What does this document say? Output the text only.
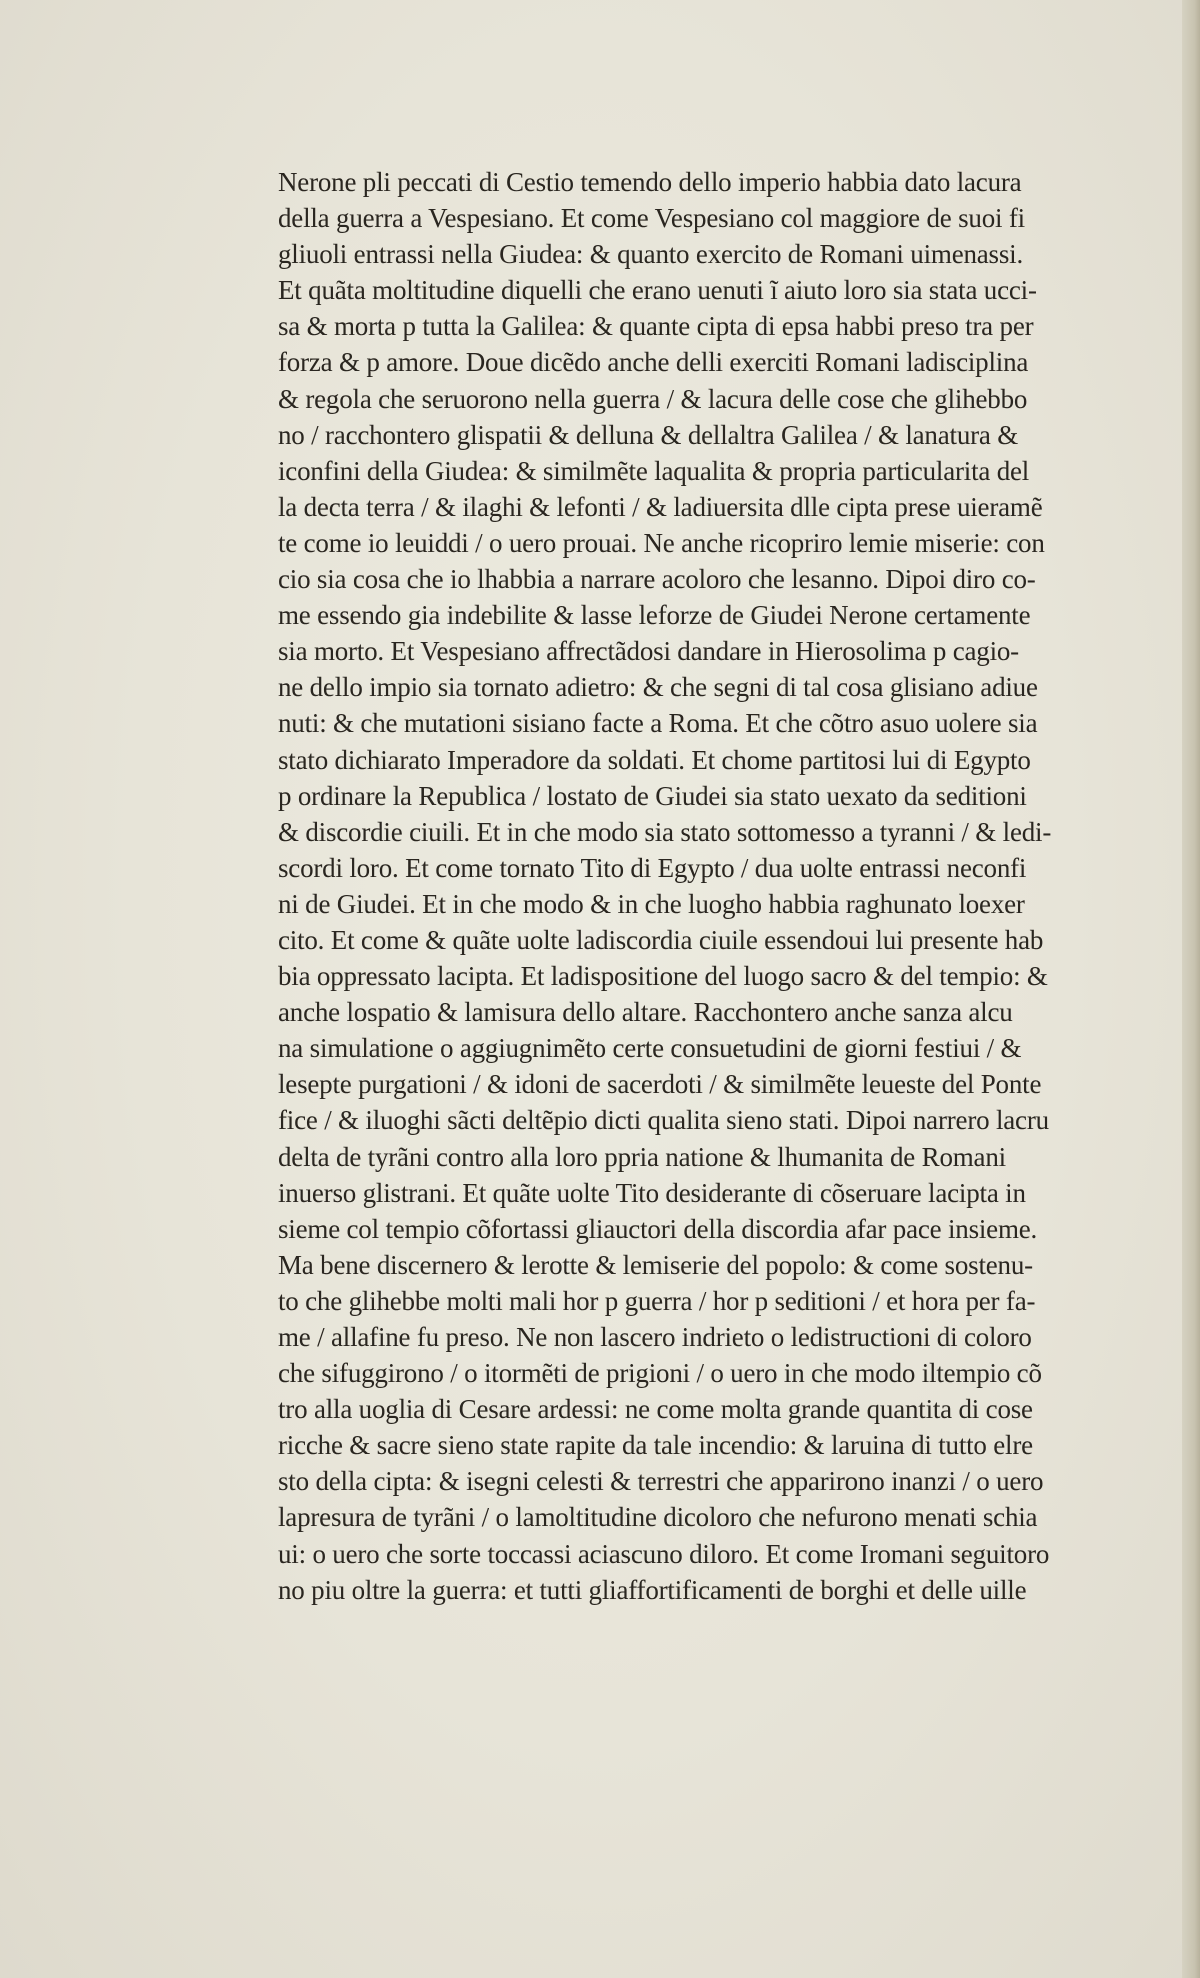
Nerone pli peccati di Cestio temendo dello imperio habbia dato lacura
della guerra a Vespesiano. Et come Vespesiano col maggiore de suoi fi
gliuoli entrassi nella Giudea: & quanto exercito de Romani uimenassi.
Et quãta moltitudine diquelli che erano uenuti ĩ aiuto loro sia stata ucci-
sa & morta p tutta la Galilea: & quante cipta di epsa habbi preso tra per
forza & p amore. Doue dicẽdo anche delli exerciti Romani ladisciplina
& regola che seruorono nella guerra / & lacura delle cose che glihebbo
no / racchontero glispatii & delluna & dellaltra Galilea / & lanatura &
iconfini della Giudea: & similmẽte laqualita & propria particularita del
la decta terra / & ilaghi & lefonti / & ladiuersita dlle cipta prese uieramẽ
te come io leuiddi / o uero prouai. Ne anche ricopriro lemie miserie: con
cio sia cosa che io lhabbia a narrare acoloro che lesanno. Dipoi diro co-
me essendo gia indebilite & lasse leforze de Giudei Nerone certamente
sia morto. Et Vespesiano affrectãdosi dandare in Hierosolima p cagio-
ne dello impio sia tornato adietro: & che segni di tal cosa glisiano adiue
nuti: & che mutationi sisiano facte a Roma. Et che cõtro asuo uolere sia
stato dichiarato Imperadore da soldati. Et chome partitosi lui di Egypto
p ordinare la Republica / lostato de Giudei sia stato uexato da seditioni
& discordie ciuili. Et in che modo sia stato sottomesso a tyranni / & ledi-
scordi loro. Et come tornato Tito di Egypto / dua uolte entrassi neconfi
ni de Giudei. Et in che modo & in che luogho habbia raghunato loexer
cito. Et come & quãte uolte ladiscordia ciuile essendoui lui presente hab
bia oppressato lacipta. Et ladispositione del luogo sacro & del tempio: &
anche lospatio & lamisura dello altare. Racchontero anche sanza alcu
na simulatione o aggiugnimẽto certe consuetudini de giorni festiui / &
lesepte purgationi / & idoni de sacerdoti / & similmẽte leueste del Ponte
fice / & iluoghi sãcti deltẽpio dicti qualita sieno stati. Dipoi narrero lacru
delta de tyrãni contro alla loro ppria natione & lhumanita de Romani
inuerso glistrani. Et quãte uolte Tito desiderante di cõseruare lacipta in
sieme col tempio cõfortassi gliauctori della discordia afar pace insieme.
Ma bene discernero & lerotte & lemiserie del popolo: & come sostenu-
to che glihebbe molti mali hor p guerra / hor p seditioni / et hora per fa-
me / allafine fu preso. Ne non lascero indrieto o ledistructioni di coloro
che sifuggirono / o itormẽti de prigioni / o uero in che modo iltempio cõ
tro alla uoglia di Cesare ardessi: ne come molta grande quantita di cose
ricche & sacre sieno state rapite da tale incendio: & laruina di tutto elre
sto della cipta: & isegni celesti & terrestri che apparirono inanzi / o uero
lapresura de tyrãni / o lamoltitudine dicoloro che nefurono menati schia
ui: o uero che sorte toccassi aciascuno diloro. Et come Iromani seguitoro
no piu oltre la guerra: et tutti gliaffortificamenti de borghi et delle uille
